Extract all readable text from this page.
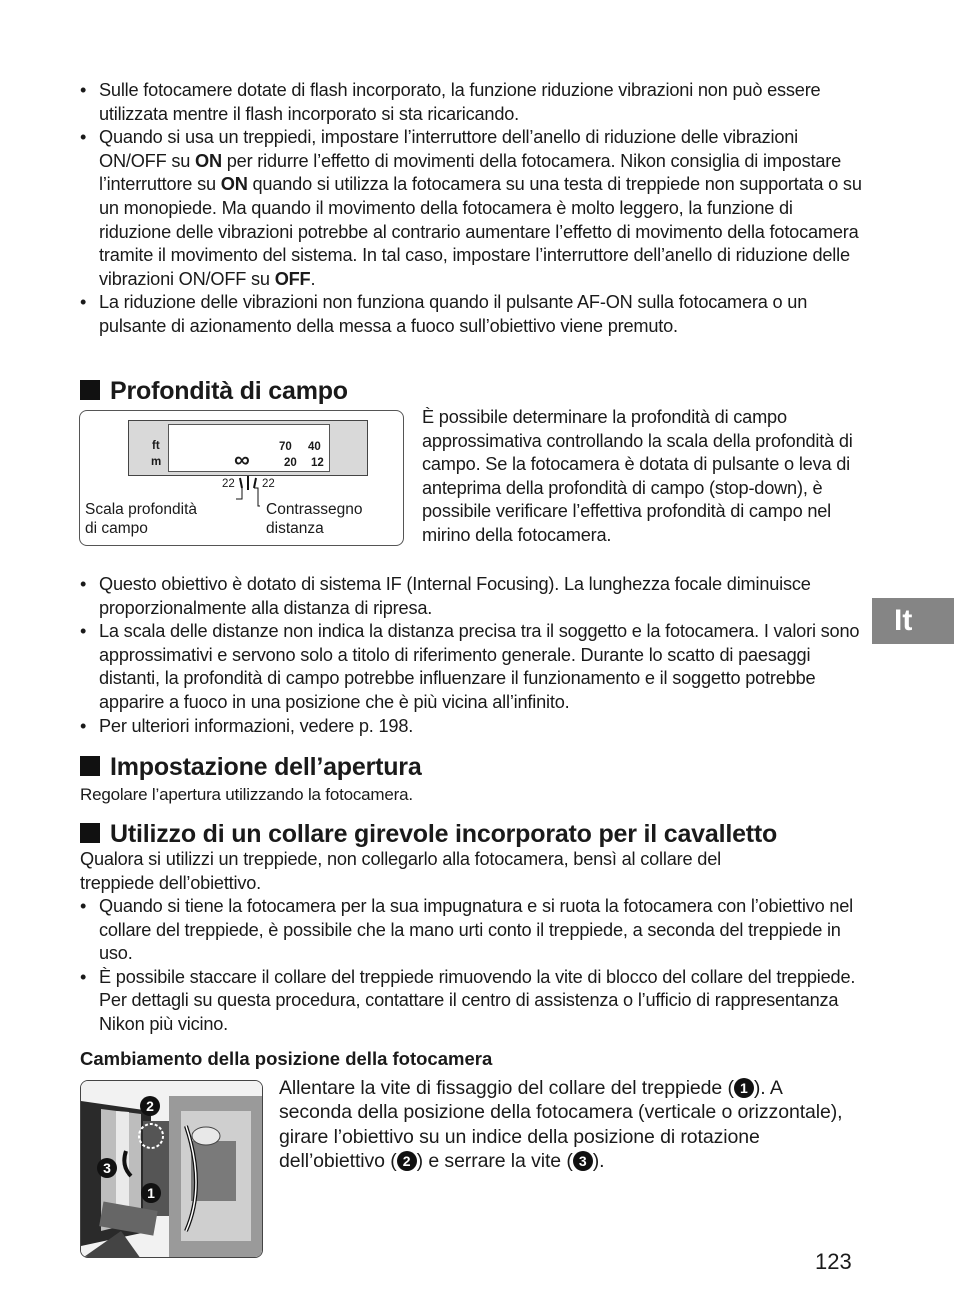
• Sulle fotocamere dotate di flash incorporato, la funzione riduzione vibrazioni non può essere utilizzata mentre il flash incorporato si sta ricaricando.
• Quando si usa un treppiedi, impostare l’interruttore dell’anello di riduzione delle vibrazioni ON/OFF su ON per ridurre l’effetto di movimenti della fotocamera. Nikon consiglia di impostare l’interruttore su ON quando si utilizza la fotocamera su una testa di treppiede non supportata o su un monopiede. Ma quando il movimento della fotocamera è molto leggero, la funzione di riduzione delle vibrazioni potrebbe al contrario aumentare l’effetto di movimento della fotocamera tramite il movimento del sistema. In tal caso, impostare l’interruttore dell’anello di riduzione delle vibrazioni ON/OFF su OFF.
• La riduzione delle vibrazioni non funziona quando il pulsante AF-ON sulla fotocamera o un pulsante di azionamento della messa a fuoco sull’obiettivo viene premuto.
Profondità di campo
ft
m
70 40
20 12
∞
22 22
Scala profondità
di campo
Contrassegno
distanza
È possibile determinare la profondità di campo approssimativa controllando la scala della profondità di campo. Se la fotocamera è dotata di pulsante o leva di anteprima della profondità di campo (stop-down), è possibile verificare l’effettiva profondità di campo nel mirino della fotocamera.
• Questo obiettivo è dotato di sistema IF (Internal Focusing). La lunghezza focale diminuisce proporzionalmente alla distanza di ripresa.
• La scala delle distanze non indica la distanza precisa tra il soggetto e la fotocamera. I valori sono approssimativi e servono solo a titolo di riferimento generale. Durante lo scatto di paesaggi distanti, la profondità di campo potrebbe influenzare il funzionamento e il soggetto potrebbe apparire a fuoco in una posizione che è più vicina all’infinito.
• Per ulteriori informazioni, vedere p. 198.
Impostazione dell’apertura
Regolare l’apertura utilizzando la fotocamera.
Utilizzo di un collare girevole incorporato per il cavalletto
Qualora si utilizzi un treppiede, non collegarlo alla fotocamera, bensì al collare del treppiede dell’obiettivo.
• Quando si tiene la fotocamera per la sua impugnatura e si ruota la fotocamera con l’obiettivo nel collare del treppiede, è possibile che la mano urti conto il treppiede, a seconda del treppiede in uso.
• È possibile staccare il collare del treppiede rimuovendo la vite di blocco del collare del treppiede. Per dettagli su questa procedura, contattare il centro di assistenza o l’ufficio di rappresentanza Nikon più vicino.
Cambiamento della posizione della fotocamera
2
3
1
Allentare la vite di fissaggio del collare del treppiede ( 1 ). A seconda della posizione della fotocamera (verticale o orizzontale), girare l’obiettivo su un indice della posizione di rotazione dell’obiettivo ( 2 ) e serrare la vite ( 3 ).
It
123
